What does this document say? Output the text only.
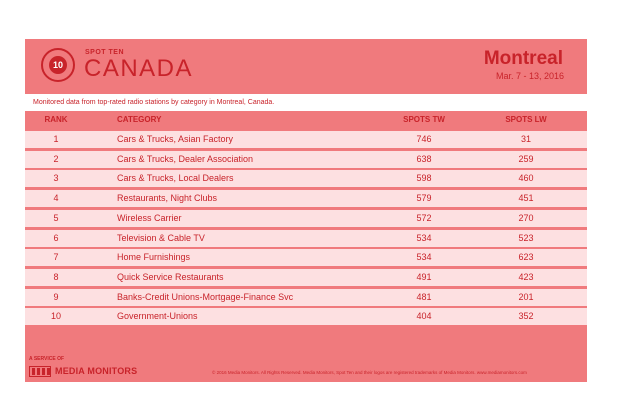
10
SPOT TEN
CANADA	Montreal
Mar. 7 - 13, 2016
Monitored data from top-rated radio stations by category in Montreal, Canada.
RANK	CATEGORY	SPOTS TW	SPOTS LW
1	Cars & Trucks, Asian Factory	746	31
2	Cars & Trucks, Dealer Association	638	259
3	Cars & Trucks, Local Dealers	598	460
4	Restaurants, Night Clubs	579	451
5	Wireless Carrier	572	270
6	Television & Cable TV	534	523
7	Home Furnishings	534	623
8	Quick Service Restaurants	491	423
9	Banks-Credit Unions-Mortgage-Finance Svc	481	201
10	Government-Unions	404	352
A SERVICE OF
MEDIA MONITORS	© 2016 Media Monitors. All Rights Reserved. Media Monitors, Spot Ten and their logos are registered trademarks of Media Monitors. www.mediamonitors.com
